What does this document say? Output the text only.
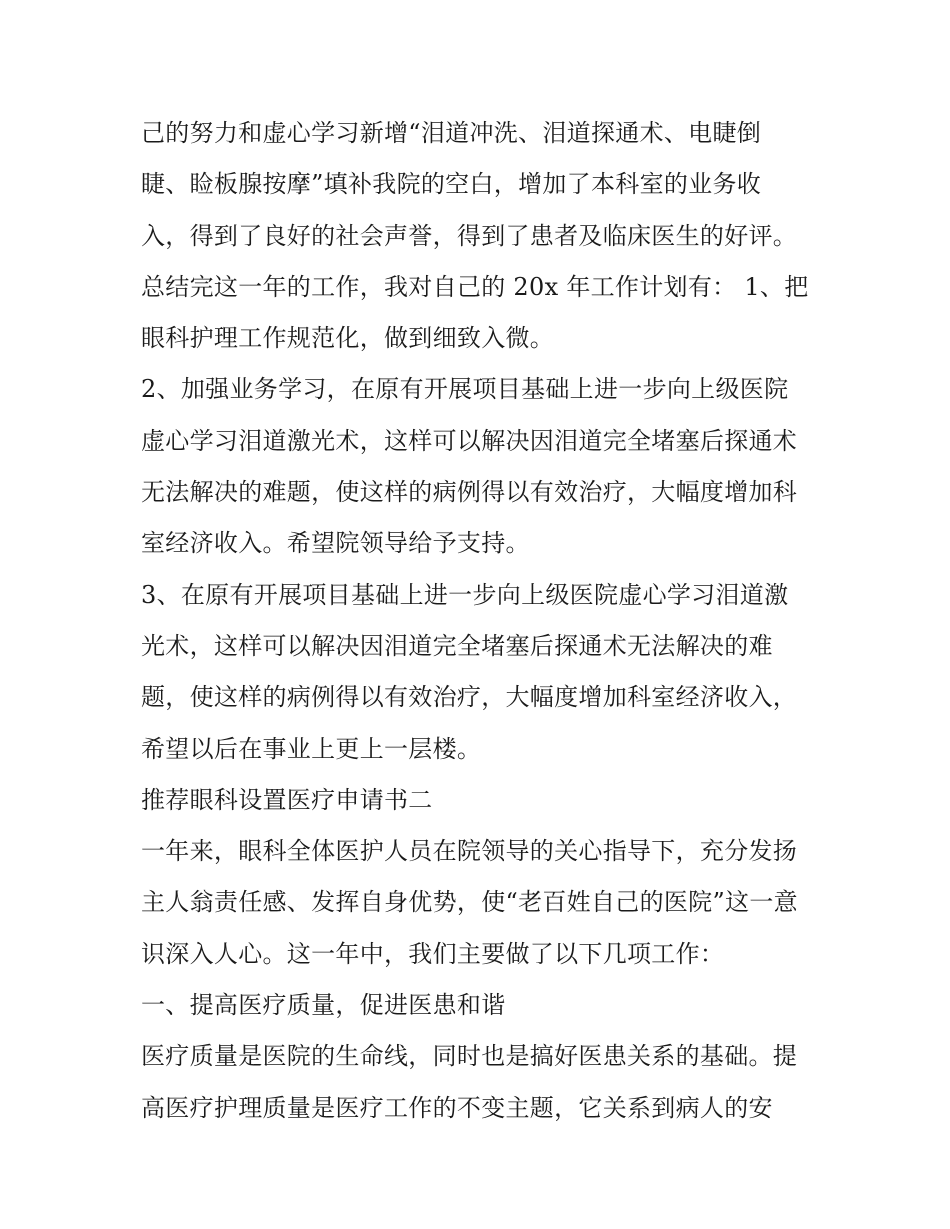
己的努力和虚心学习新增“泪道冲洗、泪道探通术、电睫倒
睫、睑板腺按摩”填补我院的空白，增加了本科室的业务收
入，得到了良好的社会声誉，得到了患者及临床医生的好评。
总结完这一年的工作，我对自己的 20x 年工作计划有： 1、把
眼科护理工作规范化，做到细致入微。
2、加强业务学习，在原有开展项目基础上进一步向上级医院
虚心学习泪道激光术，这样可以解决因泪道完全堵塞后探通术
无法解决的难题，使这样的病例得以有效治疗，大幅度增加科
室经济收入。希望院领导给予支持。
3、在原有开展项目基础上进一步向上级医院虚心学习泪道激
光术，这样可以解决因泪道完全堵塞后探通术无法解决的难
题，使这样的病例得以有效治疗，大幅度增加科室经济收入，
希望以后在事业上更上一层楼。
推荐眼科设置医疗申请书二
一年来，眼科全体医护人员在院领导的关心指导下，充分发扬
主人翁责任感、发挥自身优势，使“老百姓自己的医院”这一意
识深入人心。这一年中，我们主要做了以下几项工作：
一、提高医疗质量，促进医患和谐
医疗质量是医院的生命线，同时也是搞好医患关系的基础。提
高医疗护理质量是医疗工作的不变主题，它关系到病人的安
